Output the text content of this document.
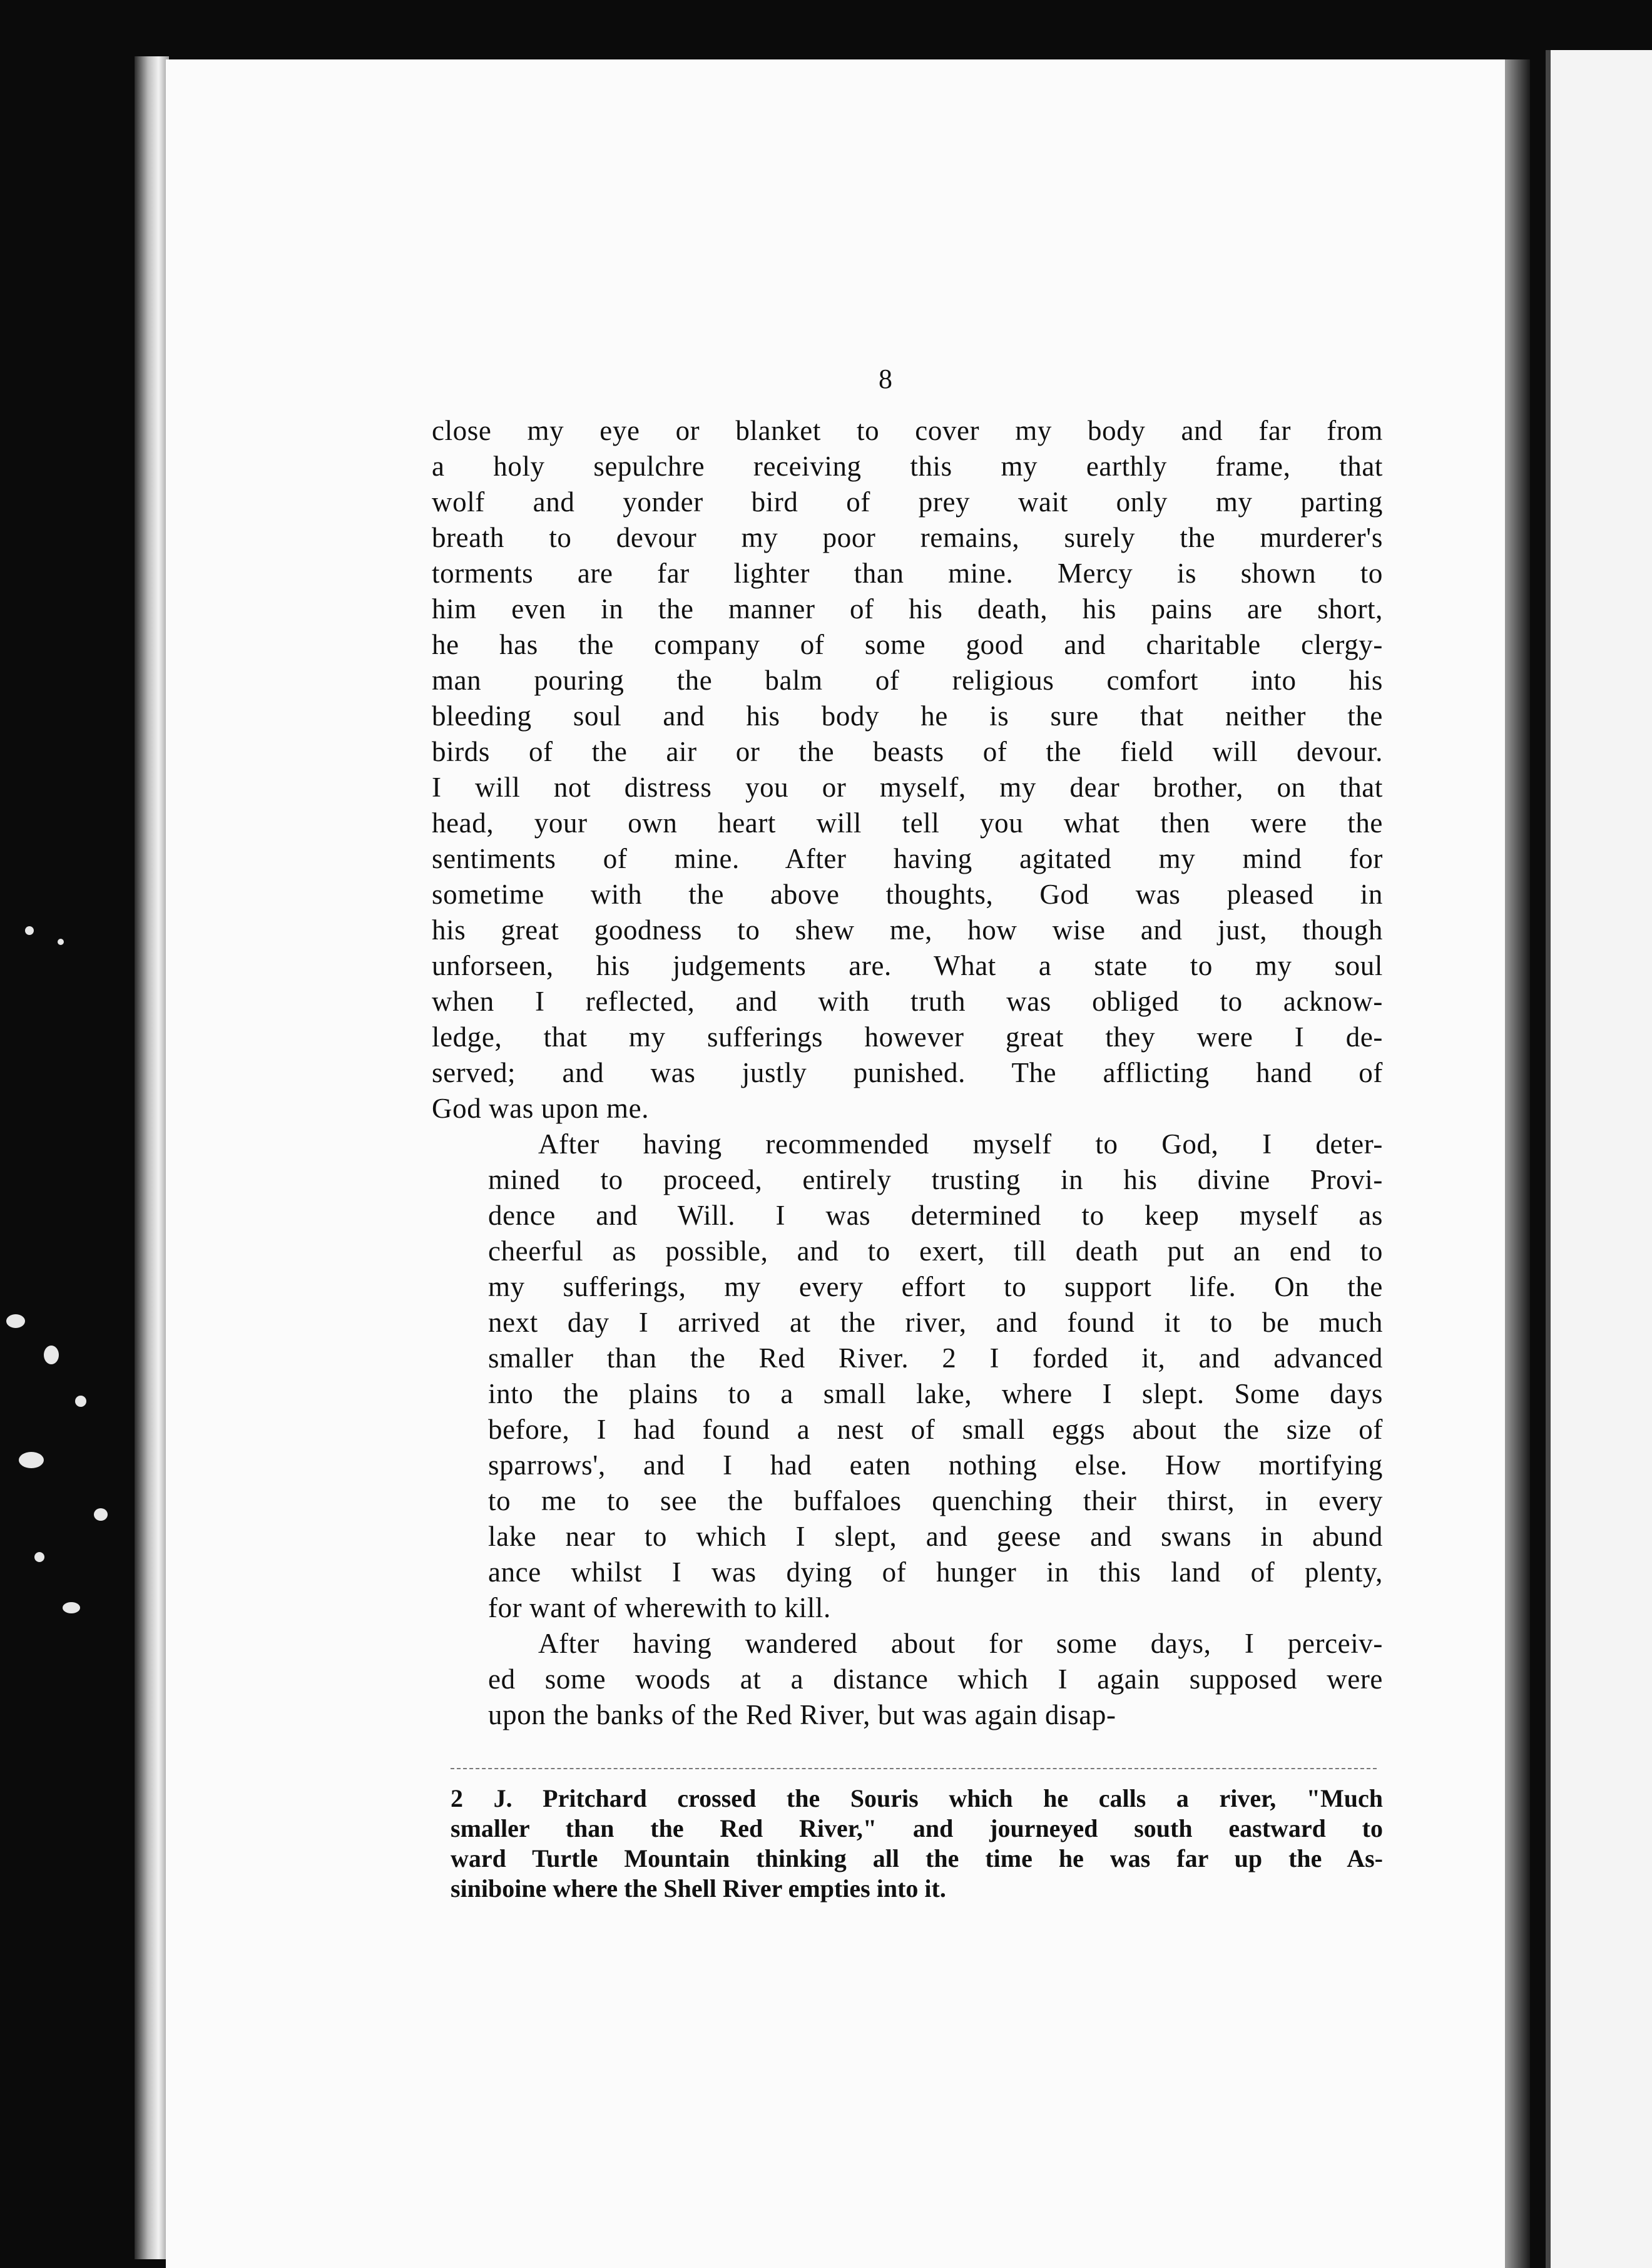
8

close my eye or blanket to cover my body and far from
a holy sepulchre receiving this my earthly frame, that
wolf and yonder bird of prey wait only my parting
breath to devour my poor remains, surely the murderer's
torments are far lighter than mine. Mercy is shown to
him even in the manner of his death, his pains are short,
he has the company of some good and charitable clergy-
man pouring the balm of religious comfort into his
bleeding soul and his body he is sure that neither the
birds of the air or the beasts of the field will devour.
I will not distress you or myself, my dear brother, on that
head, your own heart will tell you what then were the
sentiments of mine. After having agitated my mind for
sometime with the above thoughts, God was pleased in
his great goodness to shew me, how wise and just, though
unforseen, his judgements are. What a state to my soul
when I reflected, and with truth was obliged to acknow-
ledge, that my sufferings however great they were I de-
served; and was justly punished. The afflicting hand of
God was upon me.

After having recommended myself to God, I deter-
mined to proceed, entirely trusting in his divine Provi-
dence and Will. I was determined to keep myself as
cheerful as possible, and to exert, till death put an end to
my sufferings, my every effort to support life. On the
next day I arrived at the river, and found it to be much
smaller than the Red River. 2 I forded it, and advanced
into the plains to a small lake, where I slept. Some days
before, I had found a nest of small eggs about the size of
sparrows', and I had eaten nothing else. How mortifying
to me to see the buffaloes quenching their thirst, in every
lake near to which I slept, and geese and swans in abund
ance whilst I was dying of hunger in this land of plenty,
for want of wherewith to kill.

After having wandered about for some days, I perceiv-
ed some woods at a distance which I again supposed were
upon the banks of the Red River, but was again disap-

2 J. Pritchard crossed the Souris which he calls a river, "Much
smaller than the Red River," and journeyed south eastward to
ward Turtle Mountain thinking all the time he was far up the As-
siniboine where the Shell River empties into it.
